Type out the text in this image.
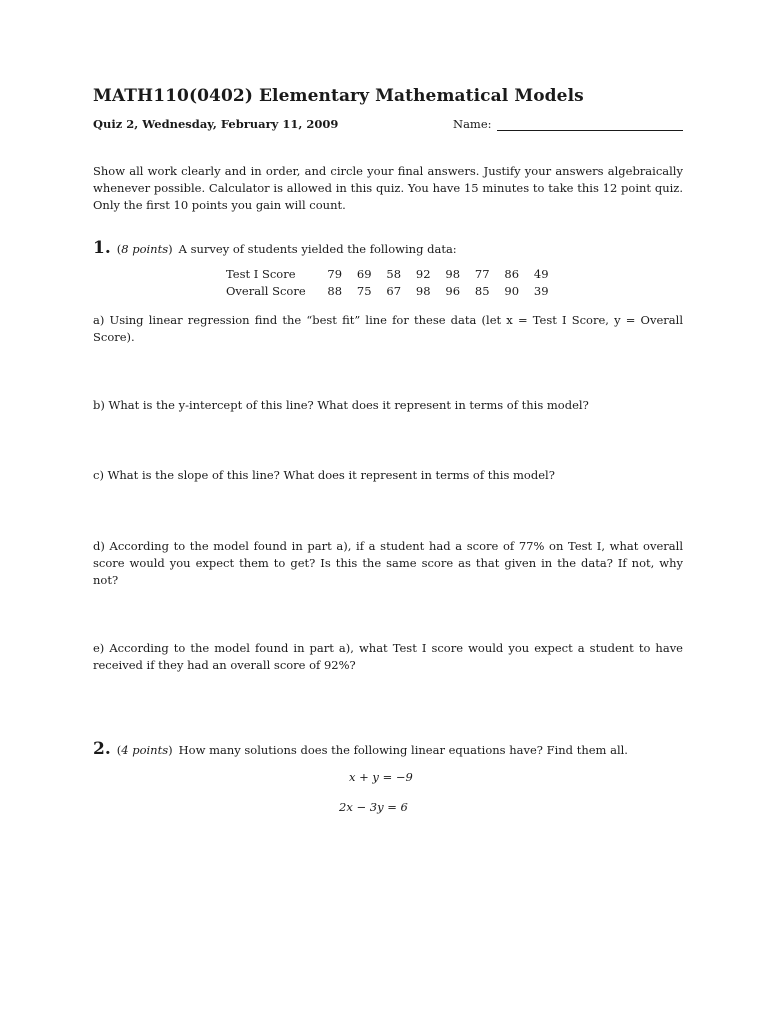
MATH110(0402) Elementary Mathematical Models
Quiz 2, Wednesday, February 11, 2009	Name:
Show all work clearly and in order, and circle your final answers. Justify your answers algebraically whenever possible. Calculator is allowed in this quiz. You have 15 minutes to take this 12 point quiz. Only the first 10 points you gain will count.
1. (8 points) A survey of students yielded the following data:
Test I Score	79	69	58	92	98	77	86	49
Overall Score	88	75	67	98	96	85	90	39
a) Using linear regression find the “best fit” line for these data (let x = Test I Score, y = Overall Score).
b) What is the y-intercept of this line? What does it represent in terms of this model?
c) What is the slope of this line? What does it represent in terms of this model?
d) According to the model found in part a), if a student had a score of 77% on Test I, what overall score would you expect them to get? Is this the same score as that given in the data? If not, why not?
e) According to the model found in part a), what Test I score would you expect a student to have received if they had an overall score of 92%?
2. (4 points) How many solutions does the following linear equations have? Find them all.
x + y = −9
2x − 3y = 6
